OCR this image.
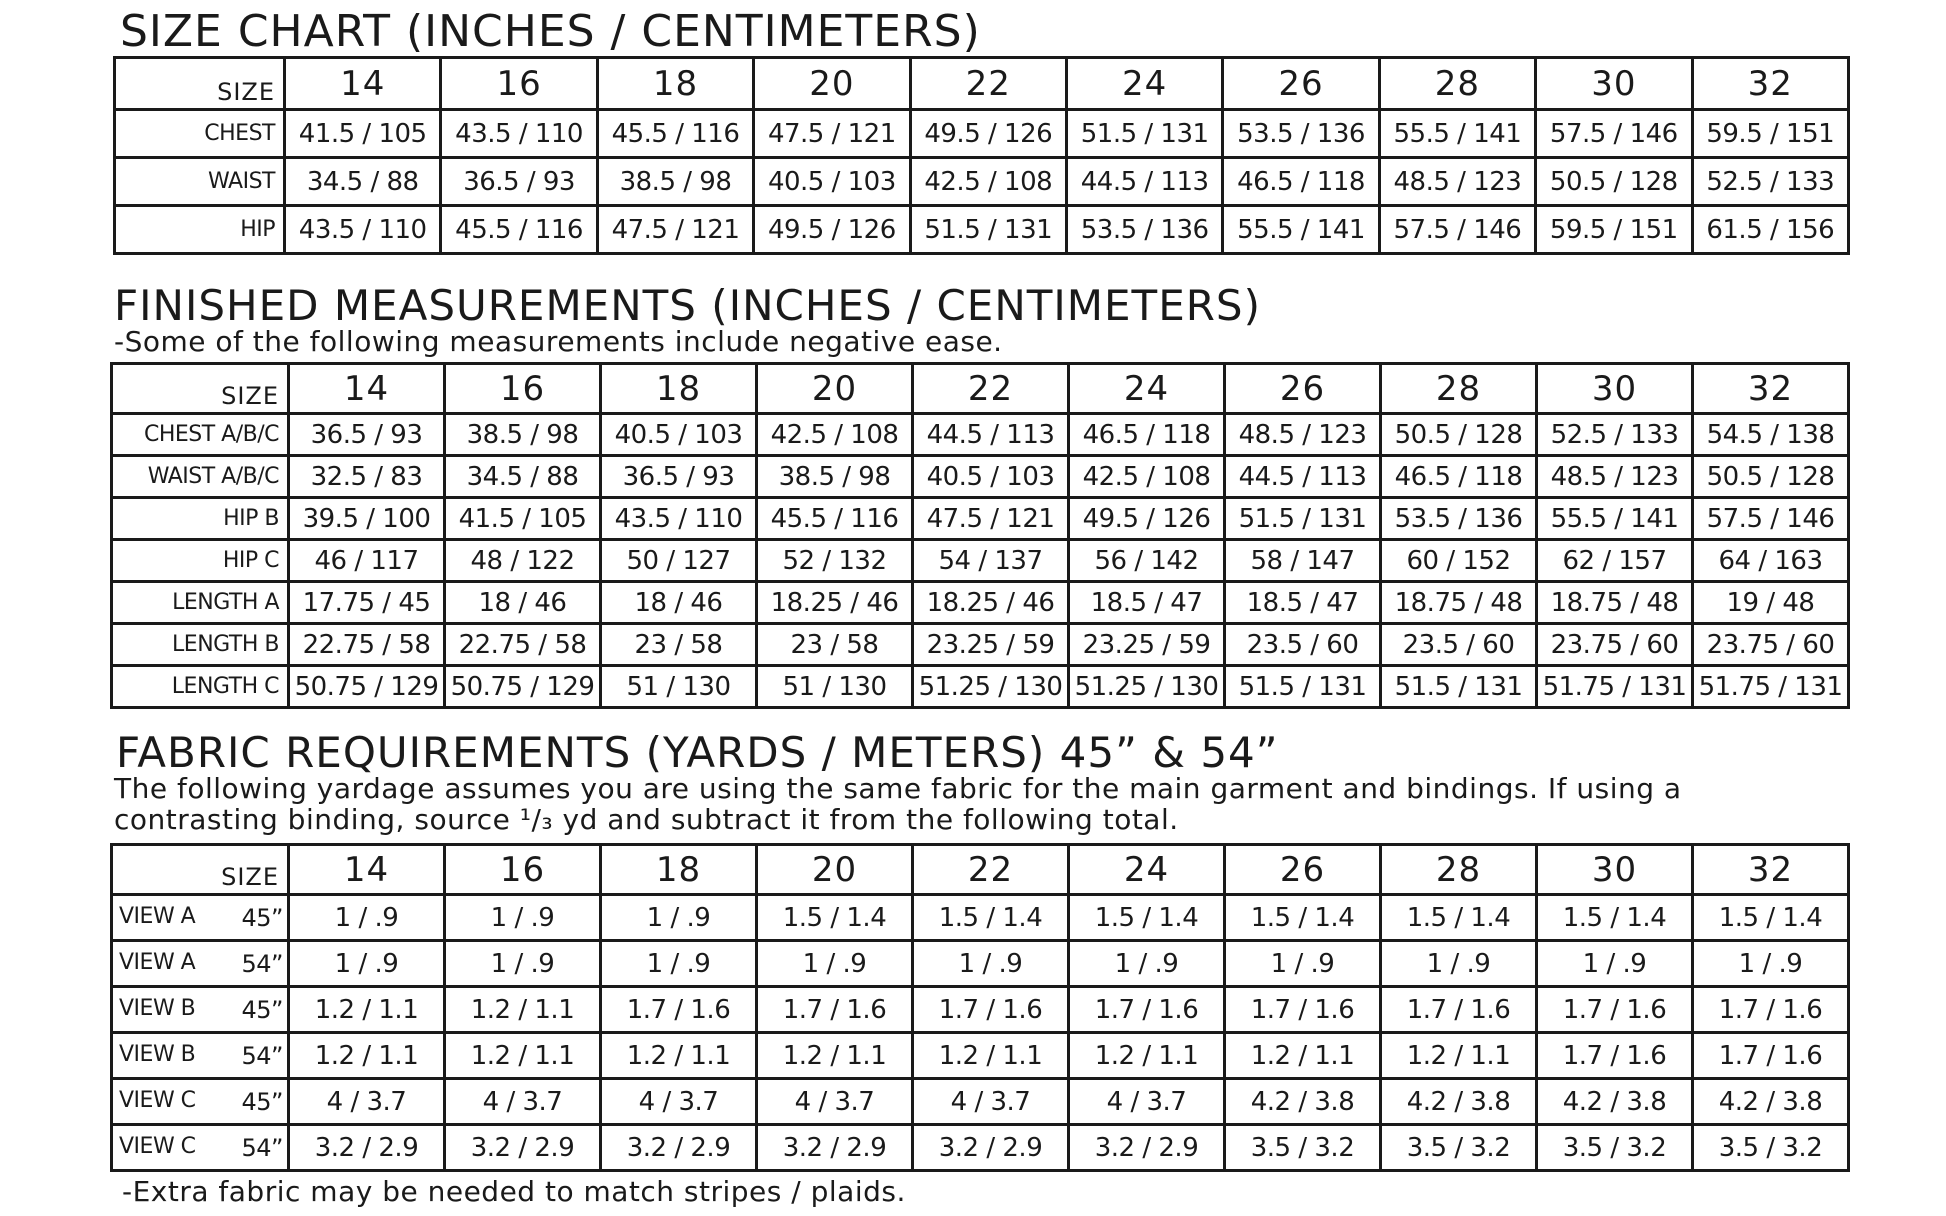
SIZE CHART (INCHES / CENTIMETERS)
SIZE	14	16	18	20	22	24	26	28	30	32
CHEST	41.5 / 105	43.5 / 110	45.5 / 116	47.5 / 121	49.5 / 126	51.5 / 131	53.5 / 136	55.5 / 141	57.5 / 146	59.5 / 151
WAIST	34.5 / 88	36.5 / 93	38.5 / 98	40.5 / 103	42.5 / 108	44.5 / 113	46.5 / 118	48.5 / 123	50.5 / 128	52.5 / 133
HIP	43.5 / 110	45.5 / 116	47.5 / 121	49.5 / 126	51.5 / 131	53.5 / 136	55.5 / 141	57.5 / 146	59.5 / 151	61.5 / 156
FINISHED MEASUREMENTS (INCHES / CENTIMETERS)

-Some of the following measurements include negative ease.

SIZE	14	16	18	20	22	24	26	28	30	32
CHEST A/B/C	36.5 / 93	38.5 / 98	40.5 / 103	42.5 / 108	44.5 / 113	46.5 / 118	48.5 / 123	50.5 / 128	52.5 / 133	54.5 / 138
WAIST A/B/C	32.5 / 83	34.5 / 88	36.5 / 93	38.5 / 98	40.5 / 103	42.5 / 108	44.5 / 113	46.5 / 118	48.5 / 123	50.5 / 128
HIP B	39.5 / 100	41.5 / 105	43.5 / 110	45.5 / 116	47.5 / 121	49.5 / 126	51.5 / 131	53.5 / 136	55.5 / 141	57.5 / 146
HIP C	46 / 117	48 / 122	50 / 127	52 / 132	54 / 137	56 / 142	58 / 147	60 / 152	62 / 157	64 / 163
LENGTH A	17.75 / 45	18 / 46	18 / 46	18.25 / 46	18.25 / 46	18.5 / 47	18.5 / 47	18.75 / 48	18.75 / 48	19 / 48
LENGTH B	22.75 / 58	22.75 / 58	23 / 58	23 / 58	23.25 / 59	23.25 / 59	23.5 / 60	23.5 / 60	23.75 / 60	23.75 / 60
LENGTH C	50.75 / 129	50.75 / 129	51 / 130	51 / 130	51.25 / 130	51.25 / 130	51.5 / 131	51.5 / 131	51.75 / 131	51.75 / 131
FABRIC REQUIREMENTS (YARDS / METERS) 45” & 54”

The following yardage assumes you are using the same fabric for the main garment and bindings. If using a

contrasting binding, source ¹/₃ yd and subtract it from the following total.

SIZE	14	16	18	20	22	24	26	28	30	32

VIEW A 45”	1 / .9	1 / .9	1 / .9	1.5 / 1.4	1.5 / 1.4	1.5 / 1.4	1.5 / 1.4	1.5 / 1.4	1.5 / 1.4	1.5 / 1.4

VIEW A 54”	1 / .9	1 / .9	1 / .9	1 / .9	1 / .9	1 / .9	1 / .9	1 / .9	1 / .9	1 / .9

VIEW B 45”	1.2 / 1.1	1.2 / 1.1	1.7 / 1.6	1.7 / 1.6	1.7 / 1.6	1.7 / 1.6	1.7 / 1.6	1.7 / 1.6	1.7 / 1.6	1.7 / 1.6

VIEW B 54”	1.2 / 1.1	1.2 / 1.1	1.2 / 1.1	1.2 / 1.1	1.2 / 1.1	1.2 / 1.1	1.2 / 1.1	1.2 / 1.1	1.7 / 1.6	1.7 / 1.6

VIEW C 45”	4 / 3.7	4 / 3.7	4 / 3.7	4 / 3.7	4 / 3.7	4 / 3.7	4.2 / 3.8	4.2 / 3.8	4.2 / 3.8	4.2 / 3.8

VIEW C 54”	3.2 / 2.9	3.2 / 2.9	3.2 / 2.9	3.2 / 2.9	3.2 / 2.9	3.2 / 2.9	3.5 / 3.2	3.5 / 3.2	3.5 / 3.2	3.5 / 3.2

-Extra fabric may be needed to match stripes / plaids.
